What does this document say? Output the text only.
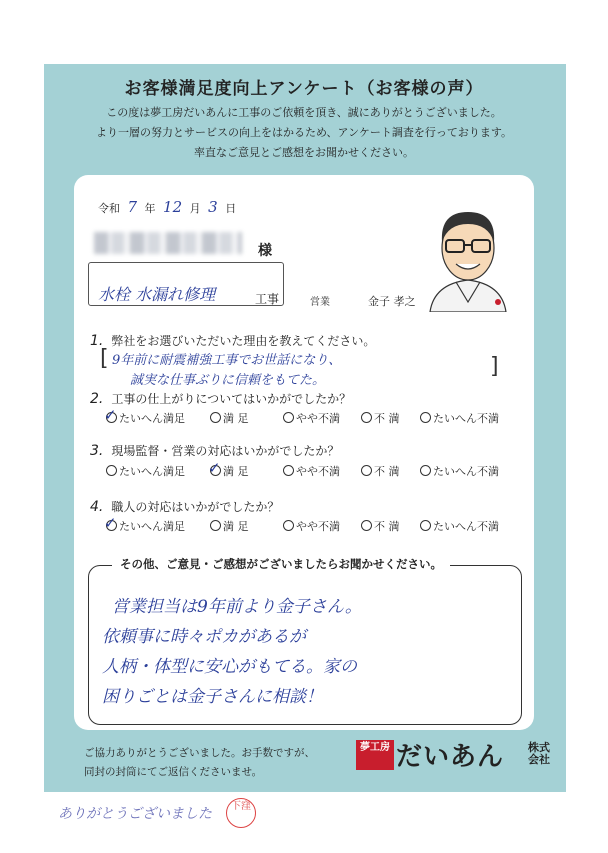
お客様満足度向上アンケート（お客様の声）
この度は夢工房だいあんに工事のご依頼を頂き、誠にありがとうございました。
より一層の努力とサービスの向上をはかるため、アンケート調査を行っております。
率直なご意見とご感想をお聞かせください。
令和 7 年 12 月 3 日
様
水栓 水漏れ修理	工事	営業	金子 孝之
1. 弊社をお選びいただいた理由を教えてください。
[	]
9年前に耐震補強工事でお世話になり、
誠実な仕事ぶりに信頼をもてた。
2. 工事の仕上がりについてはいかがでしたか？
✓ たいへん満足	満 足	やや不満	不 満	たいへん不満
3. 現場監督・営業の対応はいかがでしたか？
たいへん満足	✓ 満 足	やや不満	不 満	たいへん不満
4. 職人の対応はいかがでしたか？
✓ たいへん満足	満 足	やや不満	不 満	たいへん不満
その他、ご意見・ご感想がございましたらお聞かせください。
営業担当は9年前より金子さん。
依頼事に時々ポカがあるが
人柄・体型に安心がもてる。家の
困りごとは金子さんに相談！
ご協力ありがとうございました。お手数ですが、
同封の封筒にてご返信くださいませ。
夢工房 だいあん 株式会社
ありがとうございました	下窪
